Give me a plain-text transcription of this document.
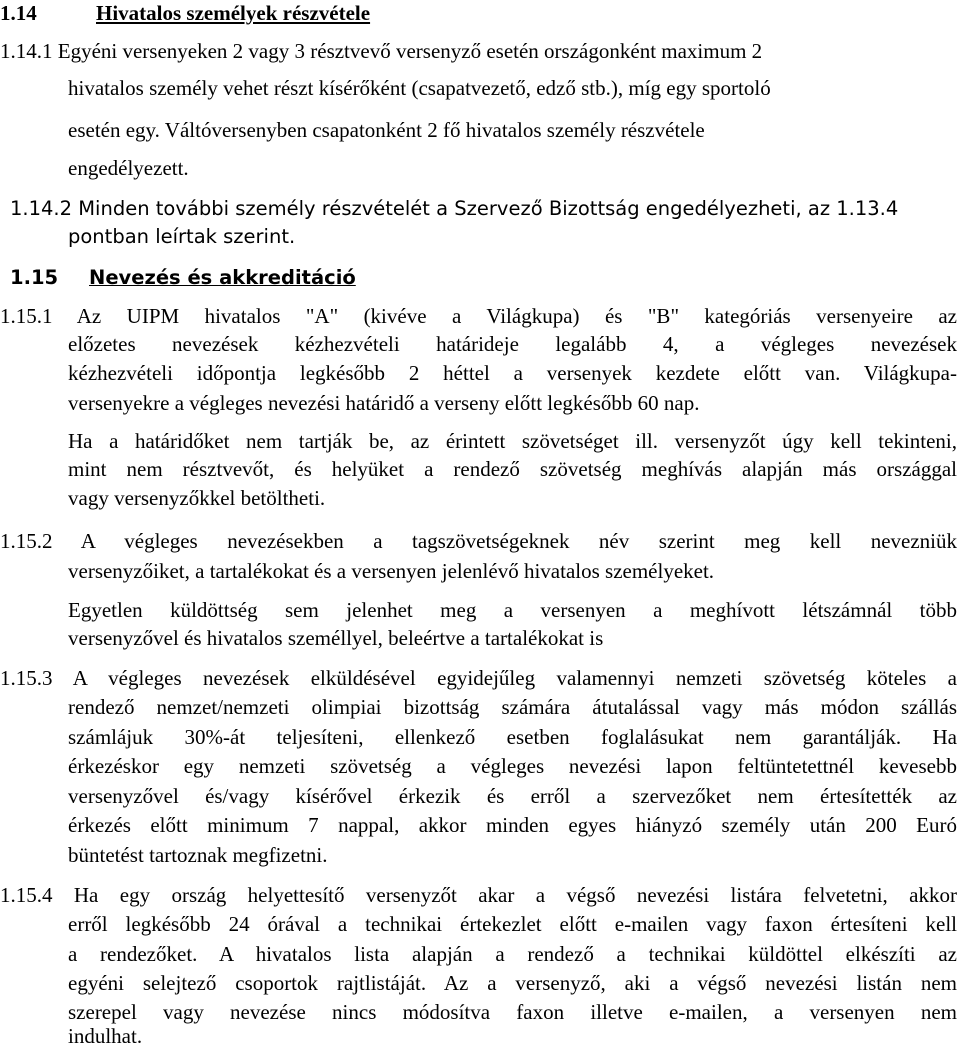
1.14	Hivatalos személyek részvétele
1.14.1 Egyéni versenyeken 2 vagy 3 résztvevő versenyző esetén országonként maximum 2
hivatalos személy vehet részt kísérőként (csapatvezető, edző stb.), míg egy sportoló
esetén egy. Váltóversenyben csapatonként 2 fő hivatalos személy részvétele
engedélyezett.
1.14.2 Minden további személy részvételét a Szervező Bizottság engedélyezheti, az 1.13.4
pontban leírtak szerint.
1.15 Nevezés és akkreditáció
1.15.1 Az UIPM hivatalos "A" (kivéve a Világkupa) és "B" kategóriás versenyeire az
előzetes nevezések kézhezvételi határideje legalább 4, a végleges nevezések
kézhezvételi időpontja legkésőbb 2 héttel a versenyek kezdete előtt van. Világkupa-
versenyekre a végleges nevezési határidő a verseny előtt legkésőbb 60 nap.
Ha a határidőket nem tartják be, az érintett szövetséget ill. versenyzőt úgy kell tekinteni,
mint nem résztvevőt, és helyüket a rendező szövetség meghívás alapján más országgal
vagy versenyzőkkel betöltheti.
1.15.2 A végleges nevezésekben a tagszövetségeknek név szerint meg kell nevezniük
versenyzőiket, a tartalékokat és a versenyen jelenlévő hivatalos személyeket.
Egyetlen küldöttség sem jelenhet meg a versenyen a meghívott létszámnál több
versenyzővel és hivatalos személlyel, beleértve a tartalékokat is
1.15.3 A végleges nevezések elküldésével egyidejűleg valamennyi nemzeti szövetség köteles a
rendező nemzet/nemzeti olimpiai bizottság számára átutalással vagy más módon szállás
számlájuk 30%-át teljesíteni, ellenkező esetben foglalásukat nem garantálják. Ha
érkezéskor egy nemzeti szövetség a végleges nevezési lapon feltüntetettnél kevesebb
versenyzővel és/vagy kísérővel érkezik és erről a szervezőket nem értesítették az
érkezés előtt minimum 7 nappal, akkor minden egyes hiányzó személy után 200 Euró
büntetést tartoznak megfizetni.
1.15.4 Ha egy ország helyettesítő versenyzőt akar a végső nevezési listára felvetetni, akkor
erről legkésőbb 24 órával a technikai értekezlet előtt e-mailen vagy faxon értesíteni kell
a rendezőket. A hivatalos lista alapján a rendező a technikai küldöttel elkészíti az
egyéni selejtező csoportok rajtlistáját. Az a versenyző, aki a végső nevezési listán nem
szerepel vagy nevezése nincs módosítva faxon illetve e-mailen, a versenyen nem
indulhat.
